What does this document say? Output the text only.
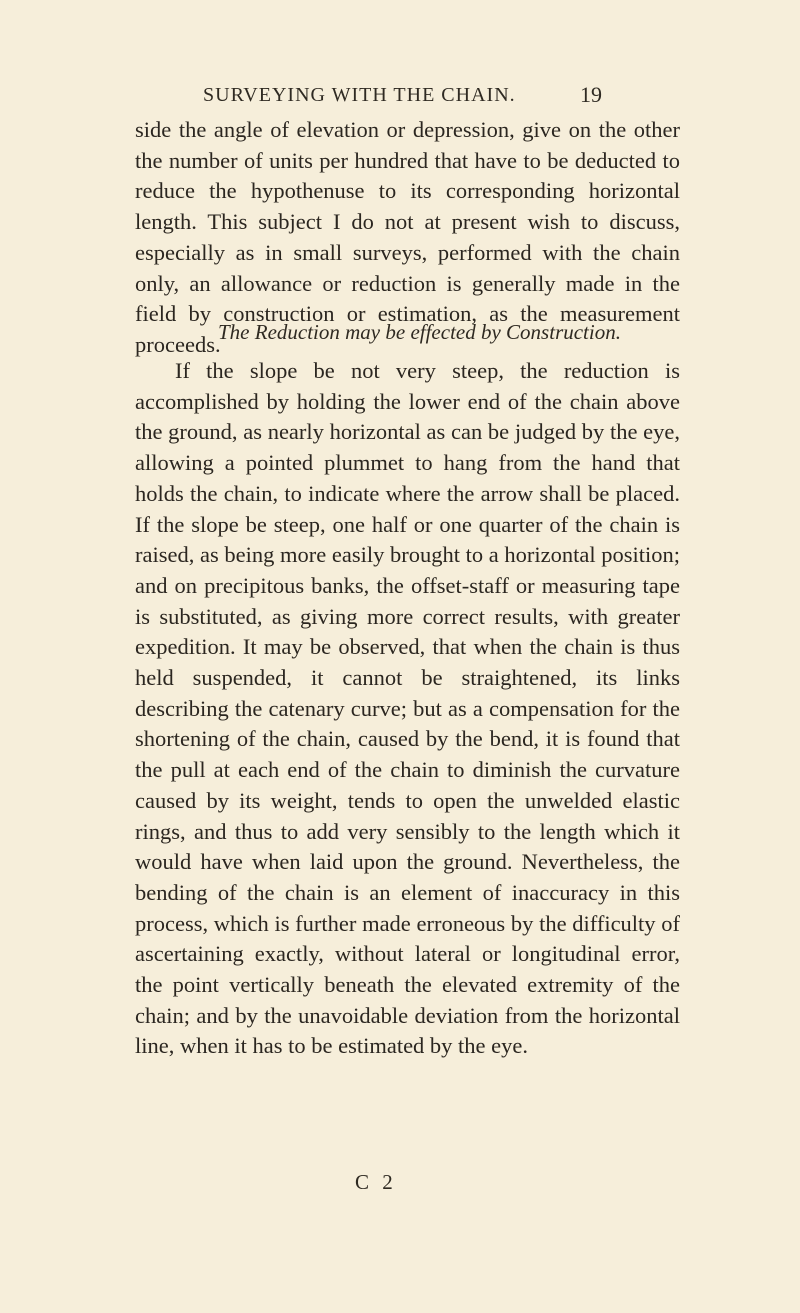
SURVEYING WITH THE CHAIN.	19

side the angle of elevation or depression, give on the other the number of units per hundred that have to be deducted to reduce the hypothenuse to its corresponding horizontal length. This subject I do not at present wish to discuss, especially as in small surveys, performed with the chain only, an allowance or reduction is generally made in the field by construction or estimation, as the measurement proceeds.

The Reduction may be effected by Construction.

If the slope be not very steep, the reduction is accomplished by holding the lower end of the chain above the ground, as nearly horizontal as can be judged by the eye, allowing a pointed plummet to hang from the hand that holds the chain, to indicate where the arrow shall be placed. If the slope be steep, one half or one quarter of the chain is raised, as being more easily brought to a horizontal position; and on precipitous banks, the offset-staff or measuring tape is substituted, as giving more correct results, with greater expedition. It may be observed, that when the chain is thus held suspended, it cannot be straightened, its links describing the catenary curve; but as a compensation for the shortening of the chain, caused by the bend, it is found that the pull at each end of the chain to diminish the curvature caused by its weight, tends to open the unwelded elastic rings, and thus to add very sensibly to the length which it would have when laid upon the ground. Nevertheless, the bending of the chain is an element of inaccuracy in this process, which is further made erroneous by the difficulty of ascertaining exactly, without lateral or longitudinal error, the point vertically beneath the elevated extremity of the chain; and by the unavoidable deviation from the horizontal line, when it has to be estimated by the eye.

C 2
